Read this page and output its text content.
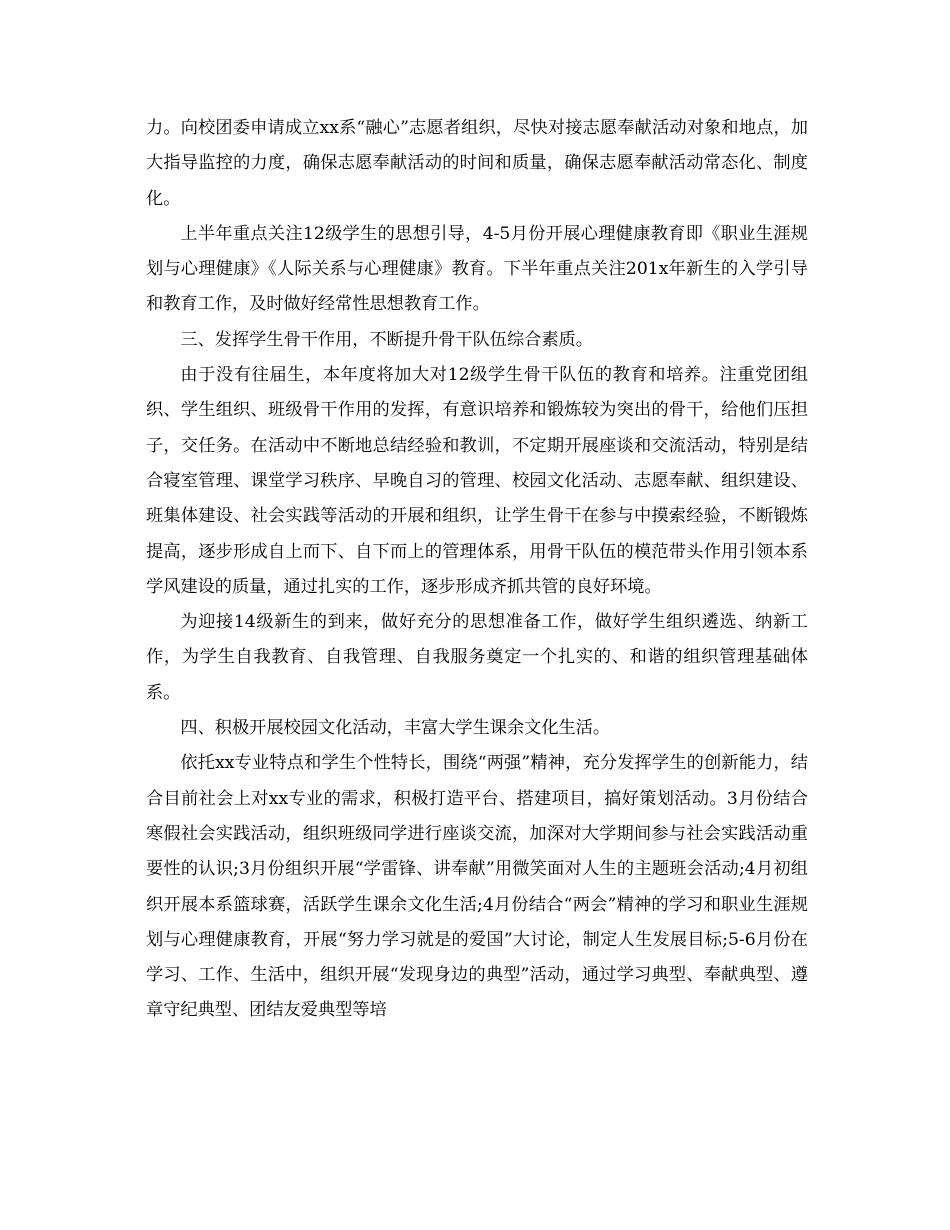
力。向校团委申请成立xx系“融心”志愿者组织，尽快对接志愿奉献活动对象和地点，加大指导监控的力度，确保志愿奉献活动的时间和质量，确保志愿奉献活动常态化、制度化。

上半年重点关注12级学生的思想引导，4-5月份开展心理健康教育即《职业生涯规划与心理健康》《人际关系与心理健康》教育。下半年重点关注201x年新生的入学引导和教育工作，及时做好经常性思想教育工作。

三、发挥学生骨干作用，不断提升骨干队伍综合素质。

由于没有往届生，本年度将加大对12级学生骨干队伍的教育和培养。注重党团组织、学生组织、班级骨干作用的发挥，有意识培养和锻炼较为突出的骨干，给他们压担子，交任务。在活动中不断地总结经验和教训，不定期开展座谈和交流活动，特别是结合寝室管理、课堂学习秩序、早晚自习的管理、校园文化活动、志愿奉献、组织建设、班集体建设、社会实践等活动的开展和组织，让学生骨干在参与中摸索经验，不断锻炼提高，逐步形成自上而下、自下而上的管理体系，用骨干队伍的模范带头作用引领本系学风建设的质量，通过扎实的工作，逐步形成齐抓共管的良好环境。

为迎接14级新生的到来，做好充分的思想准备工作，做好学生组织遴选、纳新工作，为学生自我教育、自我管理、自我服务奠定一个扎实的、和谐的组织管理基础体系。

四、积极开展校园文化活动，丰富大学生课余文化生活。

依托xx专业特点和学生个性特长，围绕“两强”精神，充分发挥学生的创新能力，结合目前社会上对xx专业的需求，积极打造平台、搭建项目，搞好策划活动。3月份结合寒假社会实践活动，组织班级同学进行座谈交流，加深对大学期间参与社会实践活动重要性的认识;3月份组织开展“学雷锋、讲奉献”用微笑面对人生的主题班会活动;4月初组织开展本系篮球赛，活跃学生课余文化生活;4月份结合“两会”精神的学习和职业生涯规划与心理健康教育，开展“努力学习就是的爱国”大讨论，制定人生发展目标;5-6月份在学习、工作、生活中，组织开展“发现身边的典型”活动，通过学习典型、奉献典型、遵章守纪典型、团结友爱典型等培
